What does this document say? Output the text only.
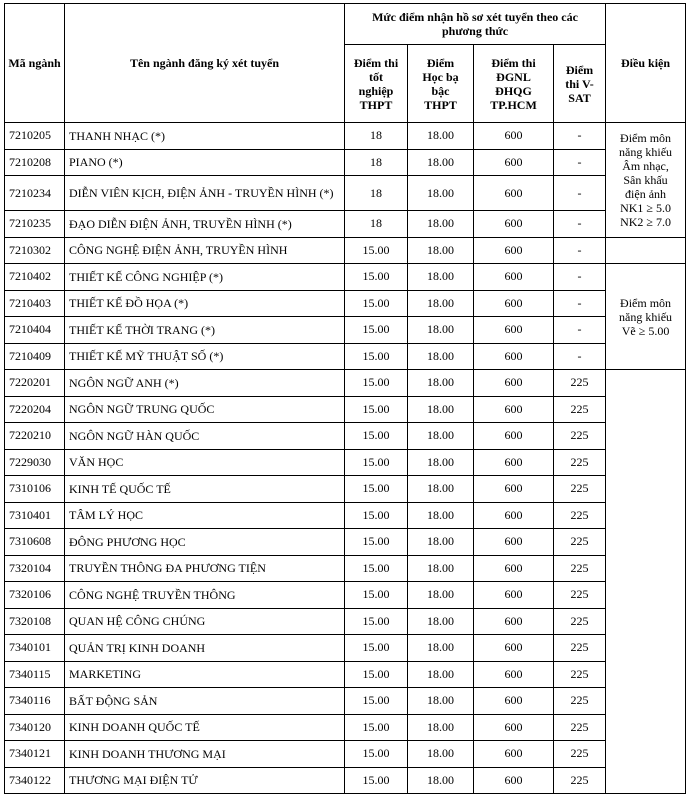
Mã ngành	Tên ngành đăng ký xét tuyển	Mức điểm nhận hồ sơ xét tuyển theo các phương thức				Điều kiện
		Điểm thi tốt nghiệp THPT	Điểm Học bạ bậc THPT	Điểm thi ĐGNL ĐHQG TP.HCM	Điểm thi V-SAT	
7210205	THANH NHẠC (*)	18	18.00	600	-	Điểm môn năng khiếu Âm nhạc, Sân khấu điện ảnh NK1 ≥ 5.0 NK2 ≥ 7.0
7210208	PIANO (*)	18	18.00	600	-	
7210234	DIỄN VIÊN KỊCH, ĐIỆN ẢNH - TRUYỀN HÌNH (*)	18	18.00	600	-	
7210235	ĐẠO DIỄN ĐIỆN ẢNH, TRUYỀN HÌNH (*)	18	18.00	600	-	
7210302	CÔNG NGHỆ ĐIỆN ẢNH, TRUYỀN HÌNH	15.00	18.00	600	-	
7210402	THIẾT KẾ CÔNG NGHIỆP (*)	15.00	18.00	600	-	Điểm môn năng khiếu Vẽ ≥ 5.00
7210403	THIẾT KẾ ĐỒ HỌA (*)	15.00	18.00	600	-	
7210404	THIẾT KẾ THỜI TRANG (*)	15.00	18.00	600	-	
7210409	THIẾT KẾ MỸ THUẬT SỐ (*)	15.00	18.00	600	-	
7220201	NGÔN NGỮ ANH (*)	15.00	18.00	600	225	
7220204	NGÔN NGỮ TRUNG QUỐC	15.00	18.00	600	225	
7220210	NGÔN NGỮ HÀN QUỐC	15.00	18.00	600	225	
7229030	VĂN HỌC	15.00	18.00	600	225	
7310106	KINH TẾ QUỐC TẾ	15.00	18.00	600	225	
7310401	TÂM LÝ HỌC	15.00	18.00	600	225	
7310608	ĐÔNG PHƯƠNG HỌC	15.00	18.00	600	225	
7320104	TRUYỀN THÔNG ĐA PHƯƠNG TIỆN	15.00	18.00	600	225	
7320106	CÔNG NGHỆ TRUYỀN THÔNG	15.00	18.00	600	225	
7320108	QUAN HỆ CÔNG CHÚNG	15.00	18.00	600	225	
7340101	QUẢN TRỊ KINH DOANH	15.00	18.00	600	225	
7340115	MARKETING	15.00	18.00	600	225	
7340116	BẤT ĐỘNG SẢN	15.00	18.00	600	225	
7340120	KINH DOANH QUỐC TẾ	15.00	18.00	600	225	
7340121	KINH DOANH THƯƠNG MẠI	15.00	18.00	600	225	
7340122	THƯƠNG MẠI ĐIỆN TỬ	15.00	18.00	600	225	
